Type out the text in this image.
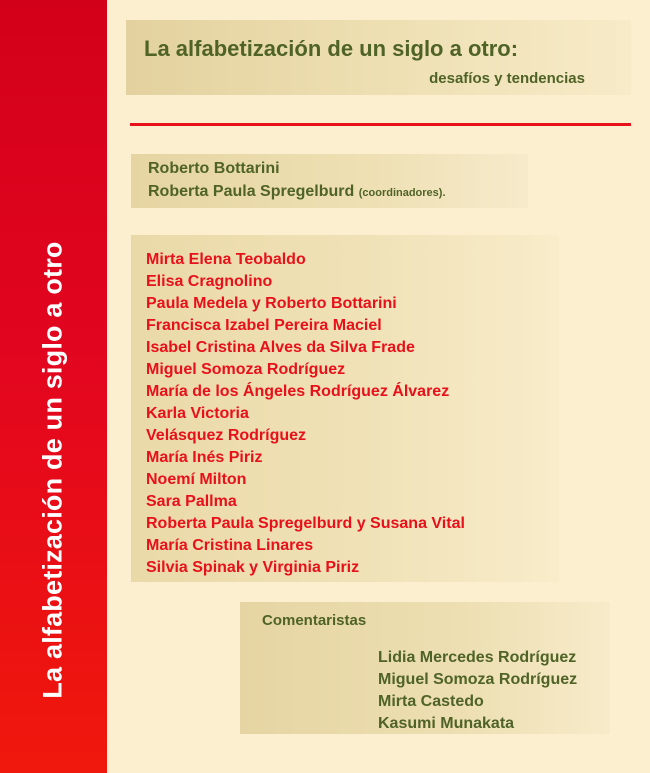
La alfabetización de un siglo a otro
La alfabetización de un siglo a otro:
desafíos y tendencias
Roberto Bottarini
Roberta Paula Spregelburd (coordinadores).
Mirta Elena Teobaldo
Elisa Cragnolino
Paula Medela y Roberto Bottarini
Francisca Izabel Pereira Maciel
Isabel Cristina Alves da Silva Frade
Miguel Somoza Rodríguez
María de los Ángeles Rodríguez Álvarez
Karla Victoria
Velásquez Rodríguez
María Inés Piriz
Noemí Milton
Sara Pallma
Roberta Paula Spregelburd y Susana Vital
María Cristina Linares
Silvia Spinak y Virginia Piriz
Comentaristas
Lidia Mercedes Rodríguez
Miguel Somoza Rodríguez
Mirta Castedo
Kasumi Munakata
